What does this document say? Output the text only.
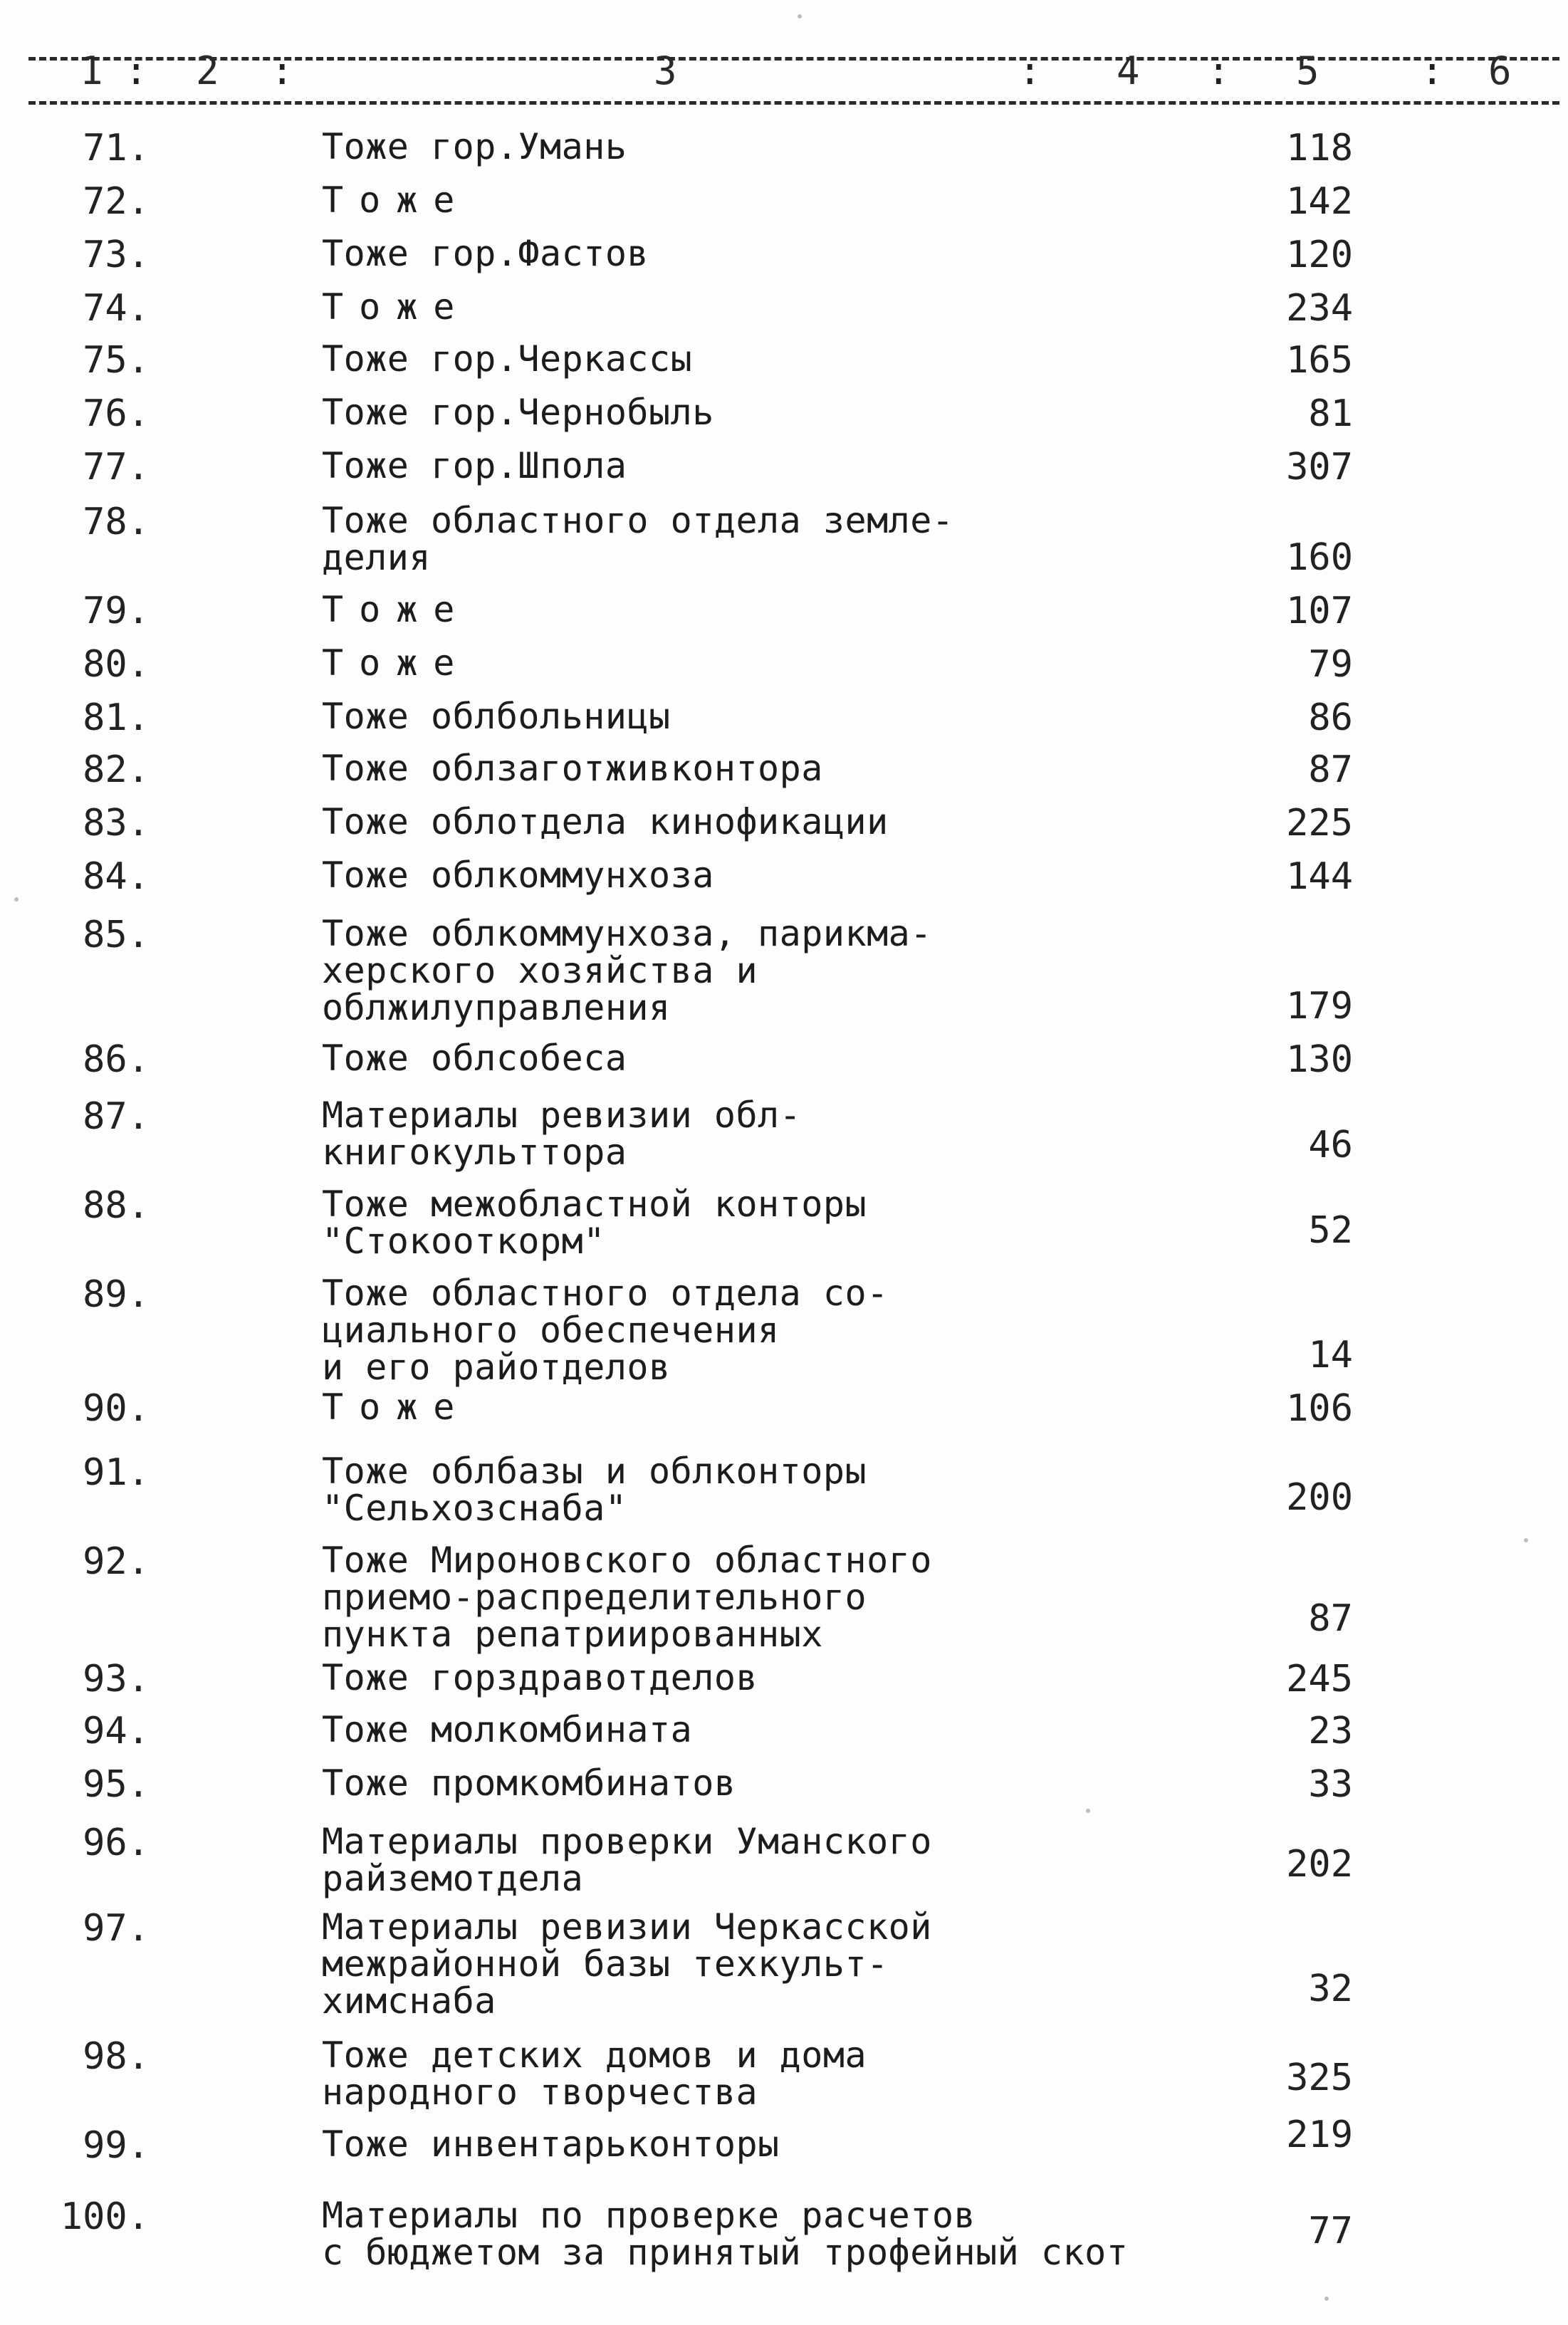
1 : 2 :	3	: 4 : 5	: 6
71.	Тоже гор.Умань	118
72.	Тоже	142
73.	Тоже гор.Фастов	120
74.	Тоже	234
75.	Тоже гор.Черкассы	165
76.	Тоже гор.Чернобыль	81
77.	Тоже гор.Шпола	307
78.	Тоже областного отдела земле-
делия	160
79.	Тоже	107
80.	Тоже	79
81.	Тоже облбольницы	86
82.	Тоже облзаготживконтора	87
83.	Тоже облотдела кинофикации	225
84.	Тоже облкоммунхоза	144
85.	Тоже облкоммунхоза, парикма-
херского хозяйства и
облжилуправления	179
86.	Тоже облсобеса	130
87.	Материалы ревизии обл-
книгокульттора	46
88.	Тоже межобластной конторы
"Стокооткорм"	52
89.	Тоже областного отдела со-
циального обеспечения
и его райотделов	14
90.	Тоже	106
91.	Тоже облбазы и облконторы
"Сельхозснаба"	200
92.	Тоже Мироновского областного
приемо-распределительного
пункта репатриированных	87
93.	Тоже горздравотделов	245
94.	Тоже молкомбината	23
95.	Тоже промкомбинатов	33
96.	Материалы проверки Уманского
райземотдела	202
97.	Материалы ревизии Черкасской
межрайонной базы техкульт-
химснаба	32
98.	Тоже детских домов и дома
народного творчества	325
99.	Тоже инвентарьконторы	219
100.	Материалы по проверке расчетов
с бюджетом за принятый трофейный скот	77
